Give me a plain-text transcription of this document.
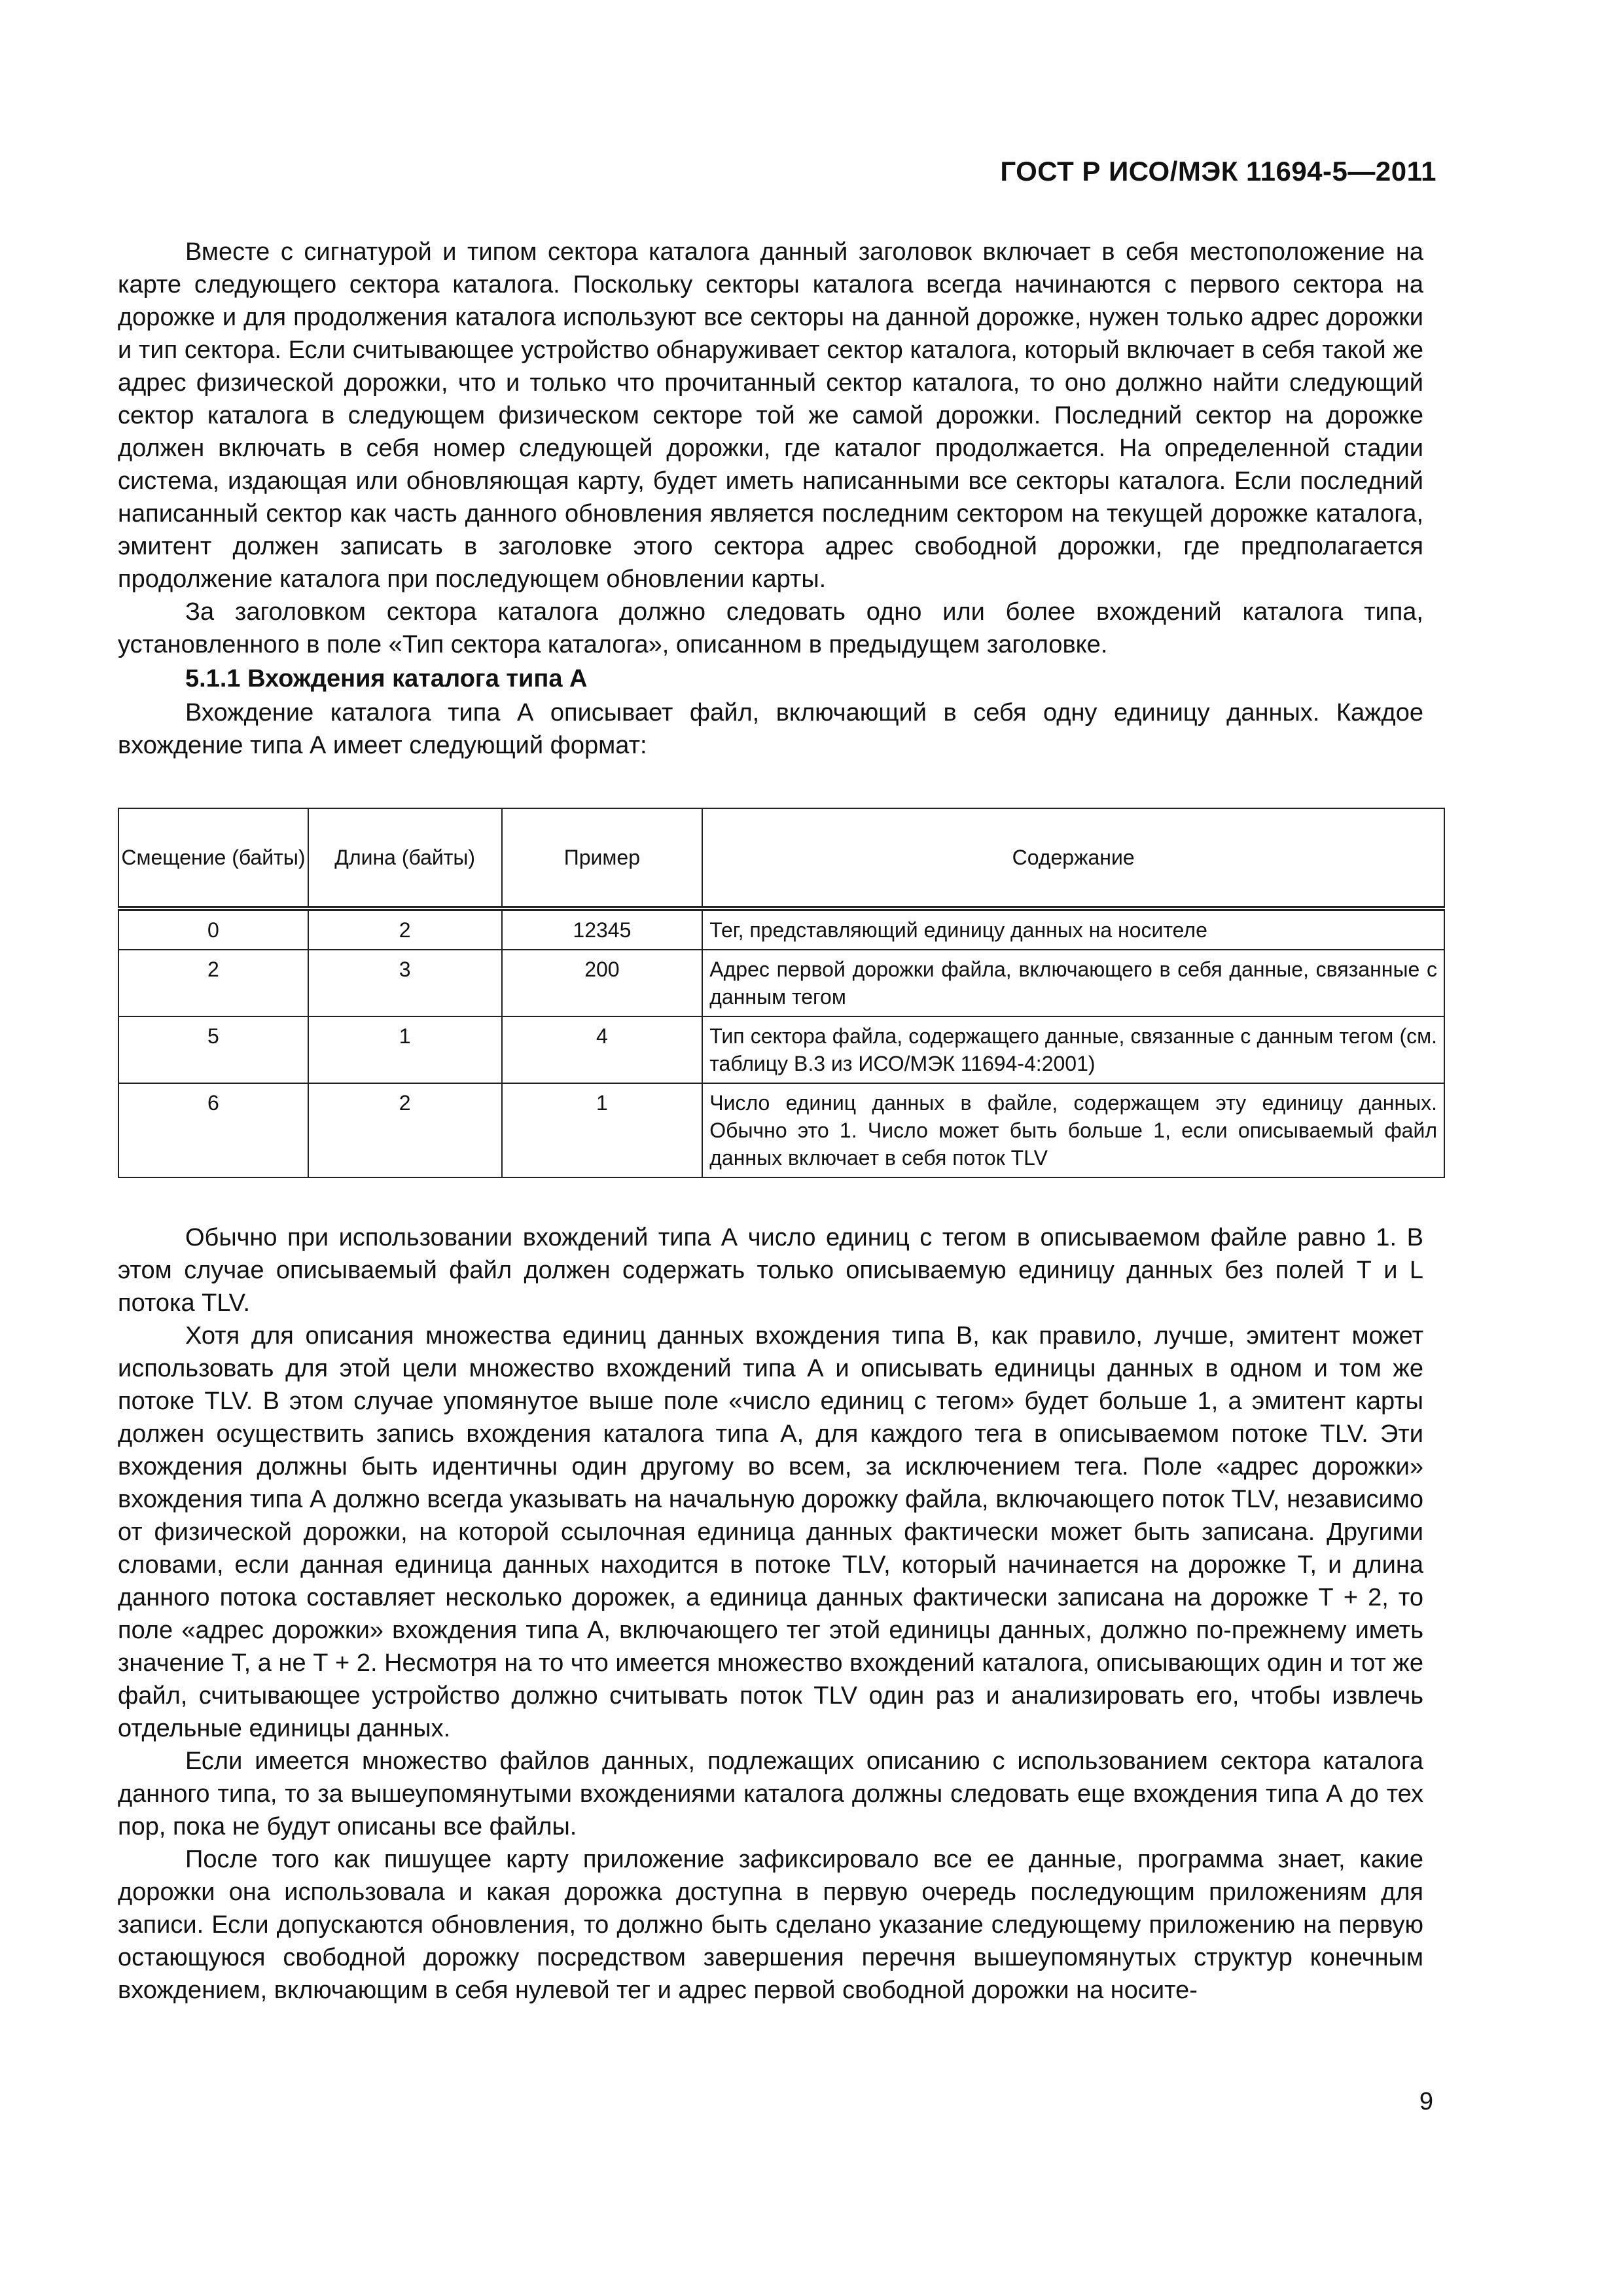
ГОСТ Р ИСО/МЭК 11694-5—2011

Вместе с сигнатурой и типом сектора каталога данный заголовок включает в себя местоположение на карте следующего сектора каталога. Поскольку секторы каталога всегда начинаются с первого сектора на дорожке и для продолжения каталога используют все секторы на данной дорожке, нужен только адрес дорожки и тип сектора. Если считывающее устройство обнаруживает сектор каталога, который включает в себя такой же адрес физической дорожки, что и только что прочитанный сектор каталога, то оно должно найти следующий сектор каталога в следующем физическом секторе той же самой дорожки. Последний сектор на дорожке должен включать в себя номер следующей дорожки, где каталог продолжается. На определенной стадии система, издающая или обновляющая карту, будет иметь написанными все секторы каталога. Если последний написанный сектор как часть данного обновления является последним сектором на текущей дорожке каталога, эмитент должен записать в заголовке этого сектора адрес свободной дорожки, где предполагается продолжение каталога при последующем обновлении карты.

За заголовком сектора каталога должно следовать одно или более вхождений каталога типа, установленного в поле «Тип сектора каталога», описанном в предыдущем заголовке.

5.1.1 Вхождения каталога типа А

Вхождение каталога типа А описывает файл, включающий в себя одну единицу данных. Каждое вхождение типа А имеет следующий формат:

Смещение (байты)	Длина (байты)	Пример	Содержание
0	2	12345	Тег, представляющий единицу данных на носителе
2	3	200	Адрес первой дорожки файла, включающего в себя данные, связанные с данным тегом
5	1	4	Тип сектора файла, содержащего данные, связанные с данным тегом (см. таблицу В.3 из ИСО/МЭК 11694-4:2001)
6	2	1	Число единиц данных в файле, содержащем эту единицу данных. Обычно это 1. Число может быть больше 1, если описываемый файл данных включает в себя поток TLV

Обычно при использовании вхождений типа А число единиц с тегом в описываемом файле равно 1. В этом случае описываемый файл должен содержать только описываемую единицу данных без полей Т и L потока TLV.

Хотя для описания множества единиц данных вхождения типа В, как правило, лучше, эмитент может использовать для этой цели множество вхождений типа А и описывать единицы данных в одном и том же потоке TLV. В этом случае упомянутое выше поле «число единиц с тегом» будет больше 1, а эмитент карты должен осуществить запись вхождения каталога типа А, для каждого тега в описываемом потоке TLV. Эти вхождения должны быть идентичны один другому во всем, за исключением тега. Поле «адрес дорожки» вхождения типа А должно всегда указывать на начальную дорожку файла, включающего поток TLV, независимо от физической дорожки, на которой ссылочная единица данных фактически может быть записана. Другими словами, если данная единица данных находится в потоке TLV, который начинается на дорожке Т, и длина данного потока составляет несколько дорожек, а единица данных фактически записана на дорожке Т + 2, то поле «адрес дорожки» вхождения типа А, включающего тег этой единицы данных, должно по-прежнему иметь значение Т, а не Т + 2. Несмотря на то что имеется множество вхождений каталога, описывающих один и тот же файл, считывающее устройство должно считывать поток TLV один раз и анализировать его, чтобы извлечь отдельные единицы данных.

Если имеется множество файлов данных, подлежащих описанию с использованием сектора каталога данного типа, то за вышеупомянутыми вхождениями каталога должны следовать еще вхождения типа А до тех пор, пока не будут описаны все файлы.

После того как пишущее карту приложение зафиксировало все ее данные, программа знает, какие дорожки она использовала и какая дорожка доступна в первую очередь последующим приложениям для записи. Если допускаются обновления, то должно быть сделано указание следующему приложению на первую остающуюся свободной дорожку посредством завершения перечня вышеупомянутых структур конечным вхождением, включающим в себя нулевой тег и адрес первой свободной дорожки на носите-

9
